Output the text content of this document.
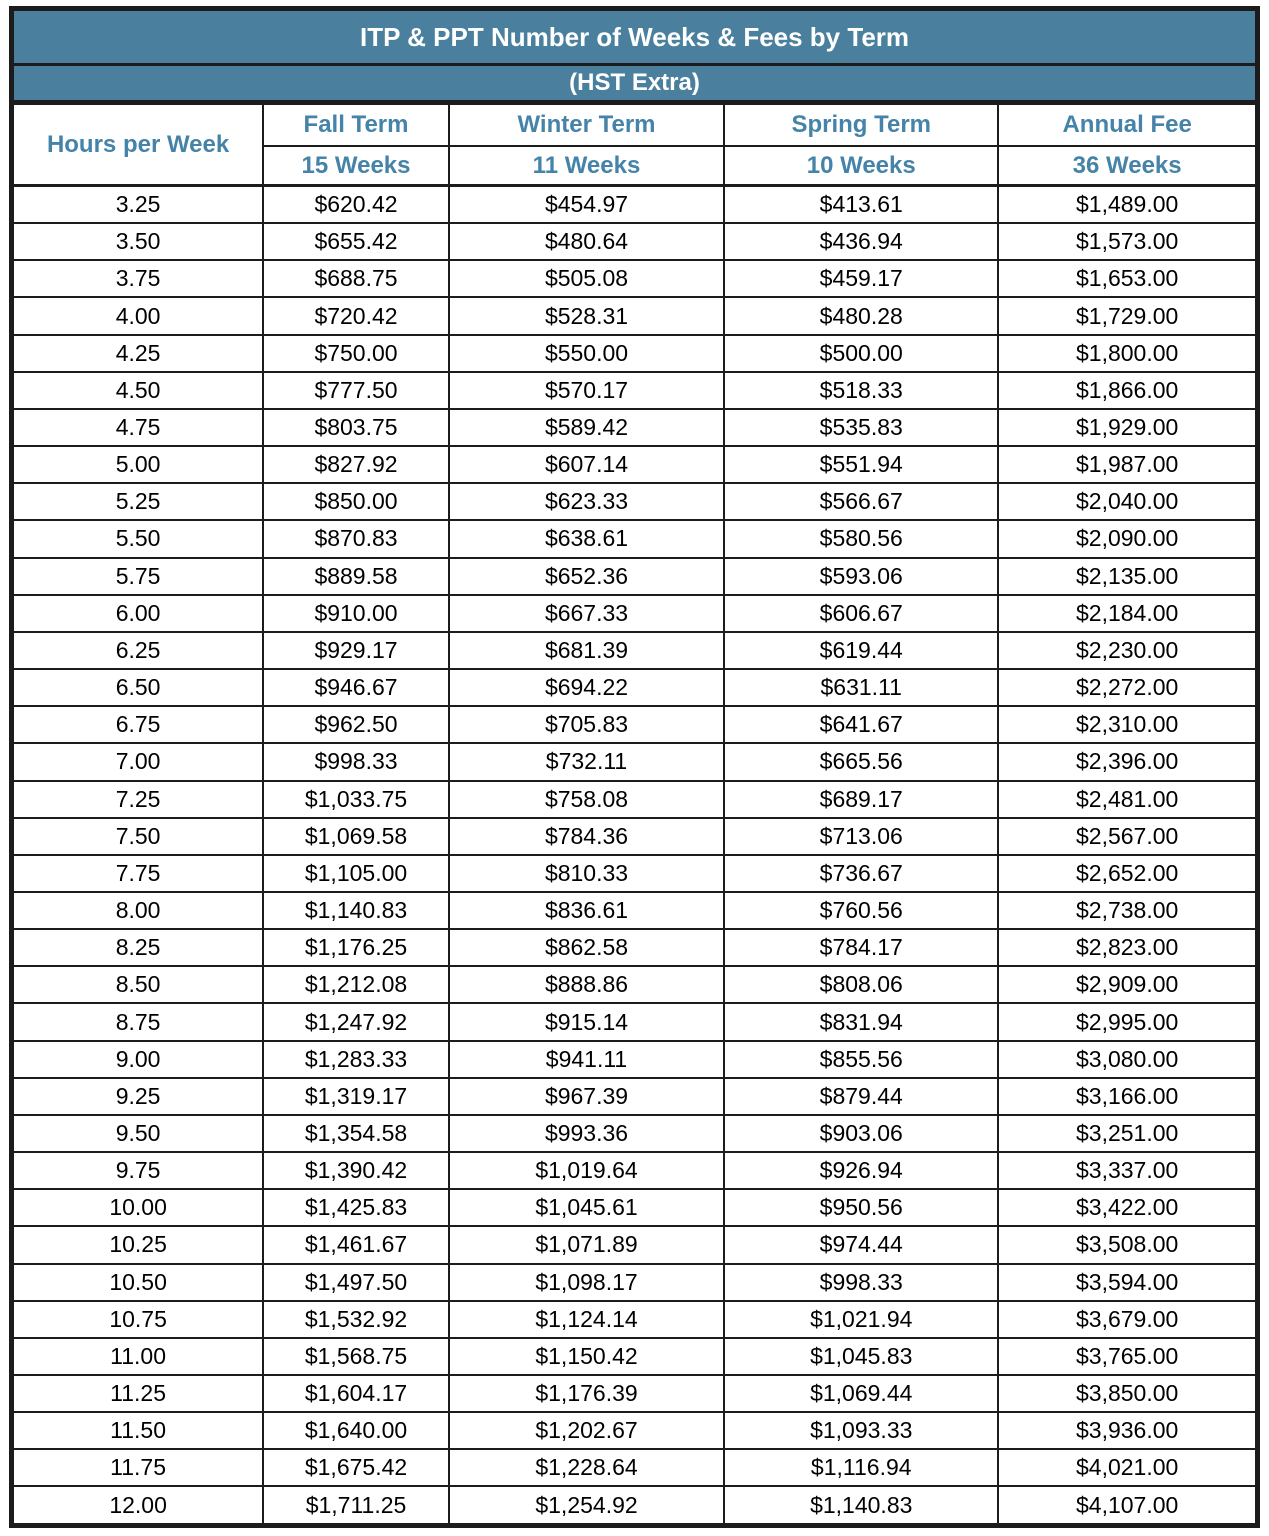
ITP & PPT Number of Weeks & Fees by Term				
(HST Extra)				
Hours per Week	Fall Term	Winter Term	Spring Term	Annual Fee
	15 Weeks	11 Weeks	10 Weeks	36 Weeks
3.25	$620.42	$454.97	$413.61	$1,489.00
3.50	$655.42	$480.64	$436.94	$1,573.00
3.75	$688.75	$505.08	$459.17	$1,653.00
4.00	$720.42	$528.31	$480.28	$1,729.00
4.25	$750.00	$550.00	$500.00	$1,800.00
4.50	$777.50	$570.17	$518.33	$1,866.00
4.75	$803.75	$589.42	$535.83	$1,929.00
5.00	$827.92	$607.14	$551.94	$1,987.00
5.25	$850.00	$623.33	$566.67	$2,040.00
5.50	$870.83	$638.61	$580.56	$2,090.00
5.75	$889.58	$652.36	$593.06	$2,135.00
6.00	$910.00	$667.33	$606.67	$2,184.00
6.25	$929.17	$681.39	$619.44	$2,230.00
6.50	$946.67	$694.22	$631.11	$2,272.00
6.75	$962.50	$705.83	$641.67	$2,310.00
7.00	$998.33	$732.11	$665.56	$2,396.00
7.25	$1,033.75	$758.08	$689.17	$2,481.00
7.50	$1,069.58	$784.36	$713.06	$2,567.00
7.75	$1,105.00	$810.33	$736.67	$2,652.00
8.00	$1,140.83	$836.61	$760.56	$2,738.00
8.25	$1,176.25	$862.58	$784.17	$2,823.00
8.50	$1,212.08	$888.86	$808.06	$2,909.00
8.75	$1,247.92	$915.14	$831.94	$2,995.00
9.00	$1,283.33	$941.11	$855.56	$3,080.00
9.25	$1,319.17	$967.39	$879.44	$3,166.00
9.50	$1,354.58	$993.36	$903.06	$3,251.00
9.75	$1,390.42	$1,019.64	$926.94	$3,337.00
10.00	$1,425.83	$1,045.61	$950.56	$3,422.00
10.25	$1,461.67	$1,071.89	$974.44	$3,508.00
10.50	$1,497.50	$1,098.17	$998.33	$3,594.00
10.75	$1,532.92	$1,124.14	$1,021.94	$3,679.00
11.00	$1,568.75	$1,150.42	$1,045.83	$3,765.00
11.25	$1,604.17	$1,176.39	$1,069.44	$3,850.00
11.50	$1,640.00	$1,202.67	$1,093.33	$3,936.00
11.75	$1,675.42	$1,228.64	$1,116.94	$4,021.00
12.00	$1,711.25	$1,254.92	$1,140.83	$4,107.00
